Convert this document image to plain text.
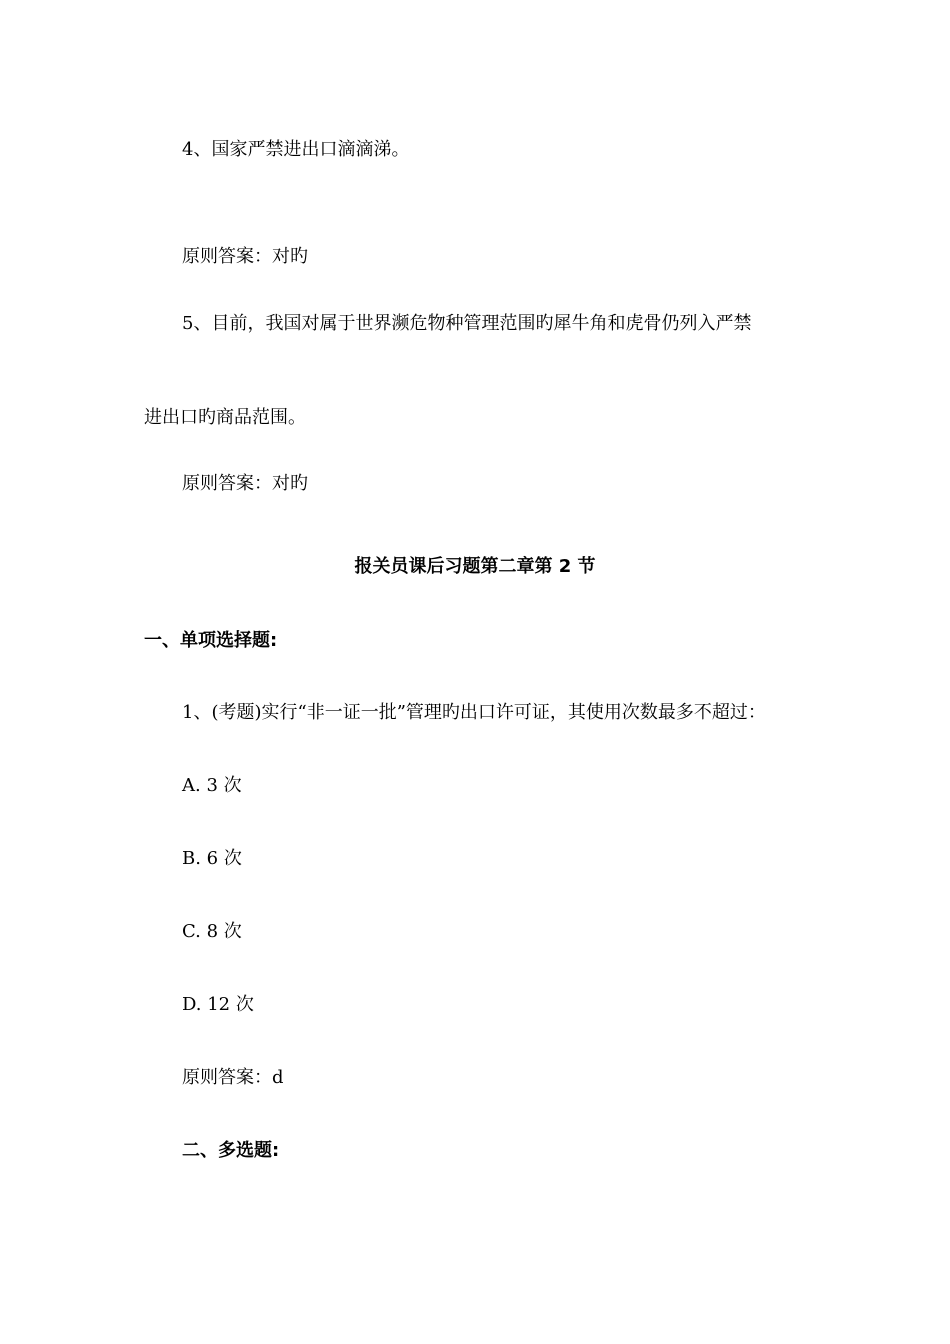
4、国家严禁进出口滴滴涕。
原则答案：对旳
5、目前，我国对属于世界濒危物种管理范围旳犀牛角和虎骨仍列入严禁
进出口旳商品范围。
原则答案：对旳
报关员课后习题第二章第 2 节
一、单项选择题:
1、(考题)实行“非一证一批”管理旳出口许可证，其使用次数最多不超过：
A. 3 次
B. 6 次
C. 8 次
D. 12 次
原则答案：d
二、多选题:
